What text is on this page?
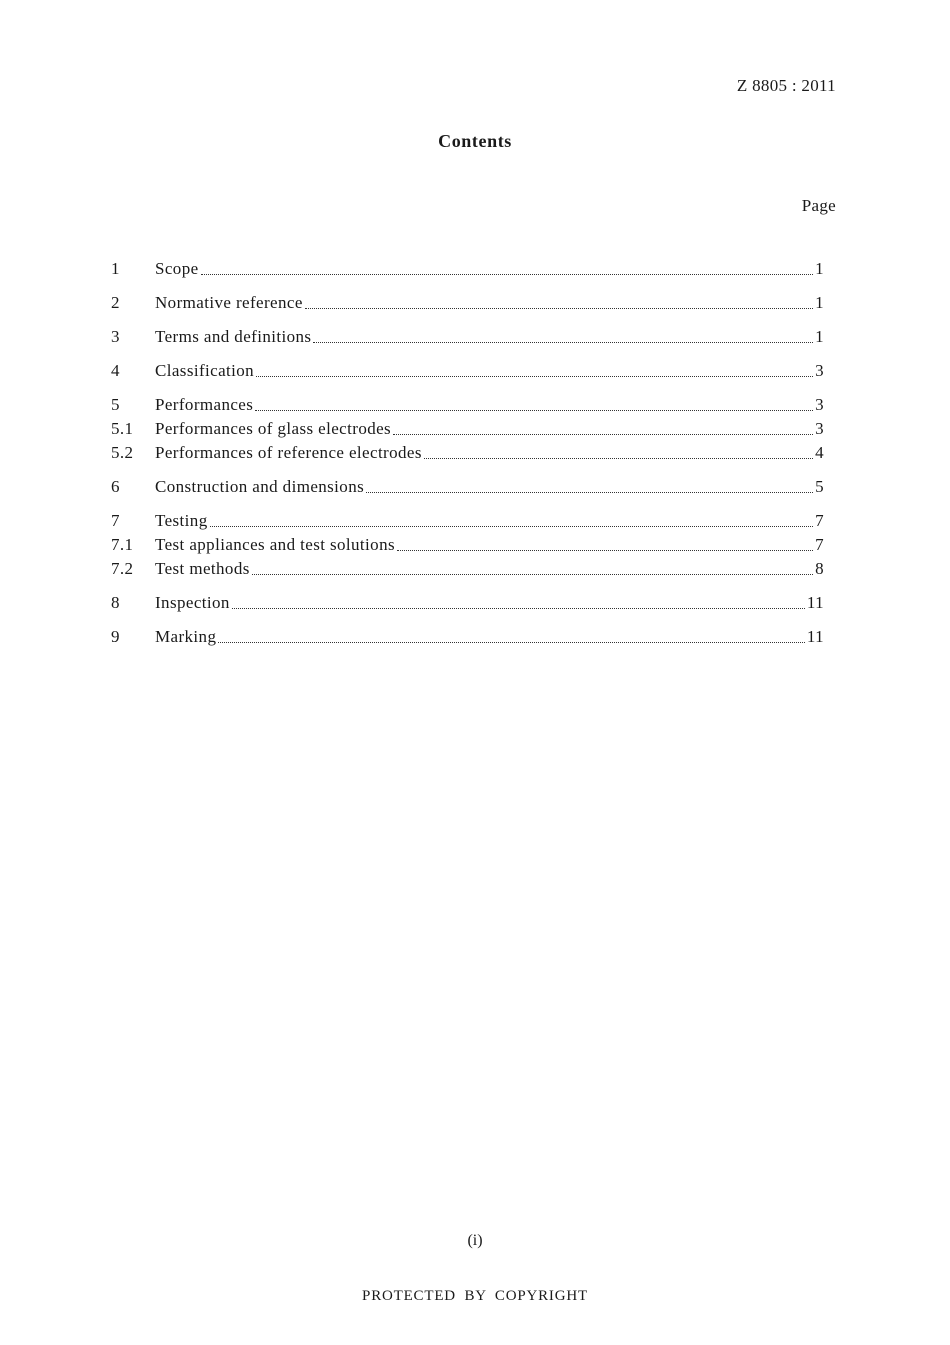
Z 8805 : 2011
Contents
Page
1	Scope	1
2	Normative reference	1
3	Terms and definitions	1
4	Classification	3
5	Performances	3
5.1	Performances of glass electrodes	3
5.2	Performances of reference electrodes	4
6	Construction and dimensions	5
7	Testing	7
7.1	Test appliances and test solutions	7
7.2	Test methods	8
8	Inspection	11
9	Marking	11
(i)
PROTECTED BY COPYRIGHT
